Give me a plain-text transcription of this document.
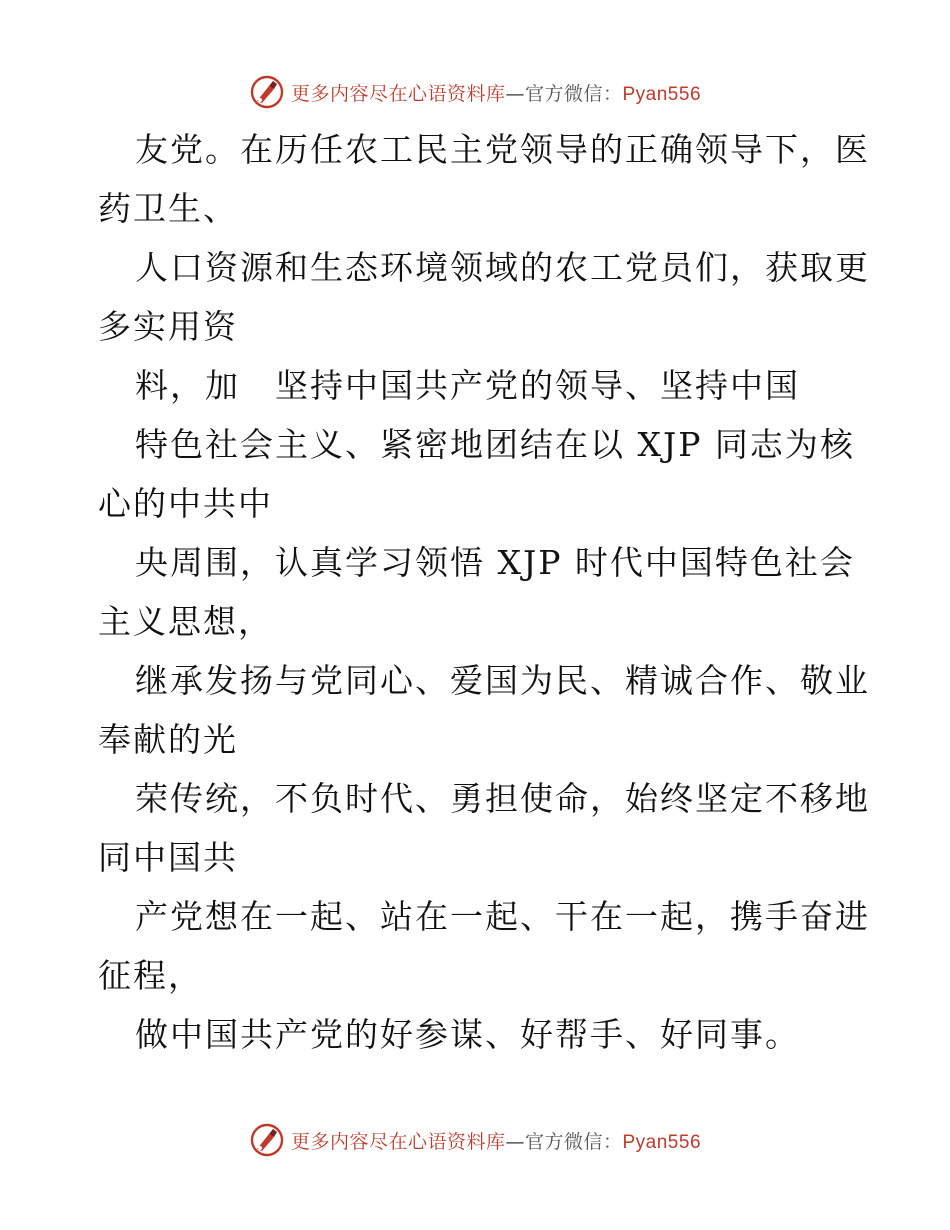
更多内容尽在心语资料库—官方微信：Pyan556
友党。在历任农工民主党领导的正确领导下，医
药卫生、
人口资源和生态环境领域的农工党员们，获取更
多实用资
料，加　坚持中国共产党的领导、坚持中国
特色社会主义、紧密地团结在以 XJP 同志为核
心的中共中
央周围，认真学习领悟 XJP 时代中国特色社会
主义思想，
继承发扬与党同心、爱国为民、精诚合作、敬业
奉献的光
荣传统，不负时代、勇担使命，始终坚定不移地
同中国共
产党想在一起、站在一起、干在一起，携手奋进
征程，
做中国共产党的好参谋、好帮手、好同事。
更多内容尽在心语资料库—官方微信：Pyan556
